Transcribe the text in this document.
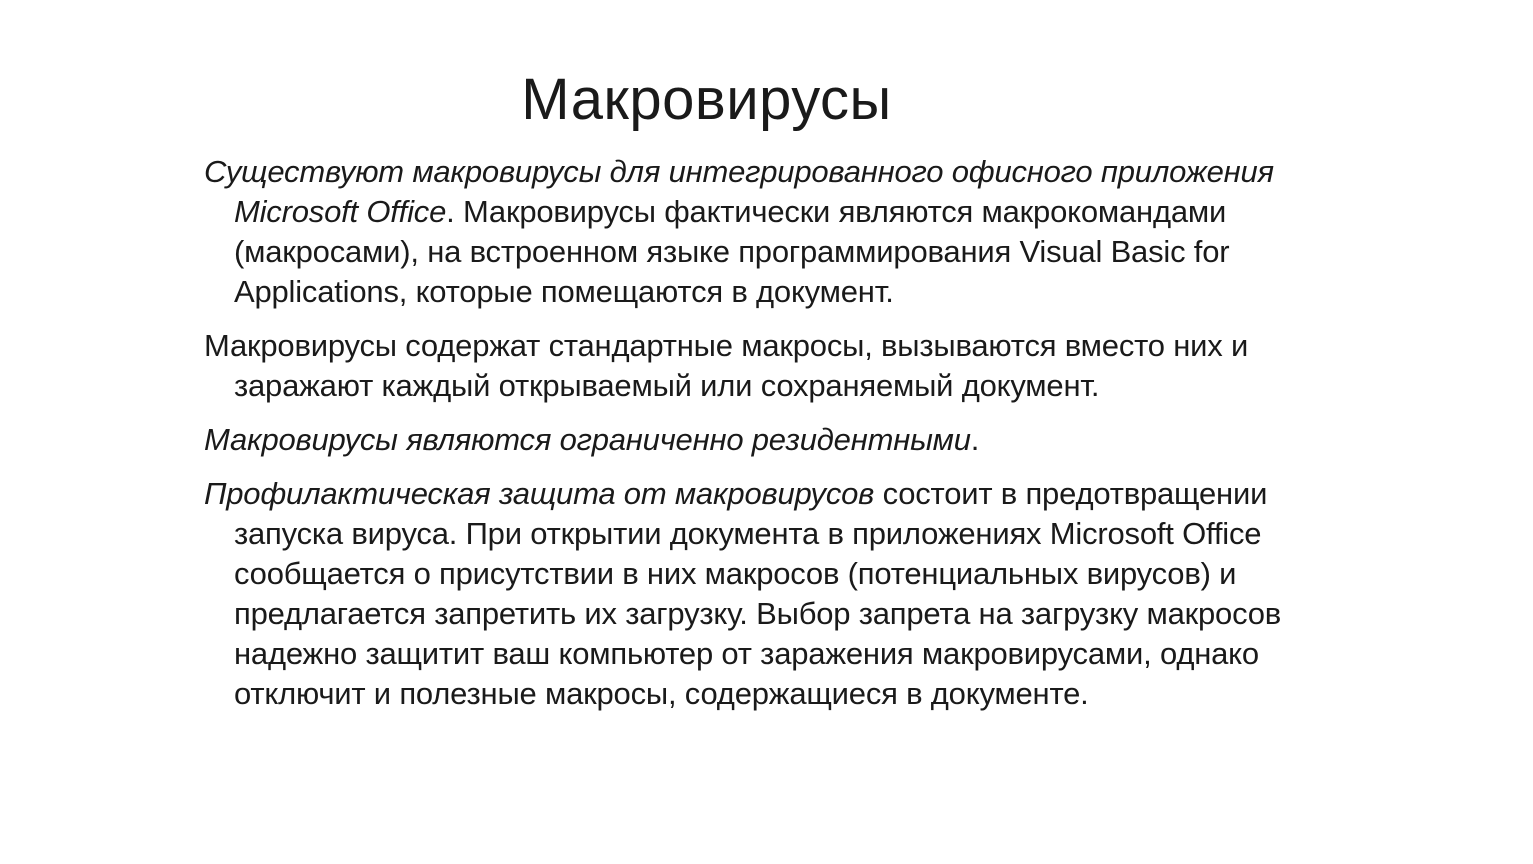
Макровирусы

Существуют макровирусы для интегрированного офисного приложения Microsoft Office. Макровирусы фактически являются макрокомандами (макросами), на встроенном языке программирования Visual Basic for Applications, которые помещаются в документ.

Макровирусы содержат стандартные макросы, вызываются вместо них и заражают каждый открываемый или сохраняемый документ.

Макровирусы являются ограниченно резидентными.

Профилактическая защита от макровирусов состоит в предотвращении запуска вируса. При открытии документа в приложениях Microsoft Office сообщается о присутствии в них макросов (потенциальных вирусов) и предлагается запретить их загрузку. Выбор запрета на загрузку макросов надежно защитит ваш компьютер от заражения макровирусами, однако отключит и полезные макросы, содержащиеся в документе.
